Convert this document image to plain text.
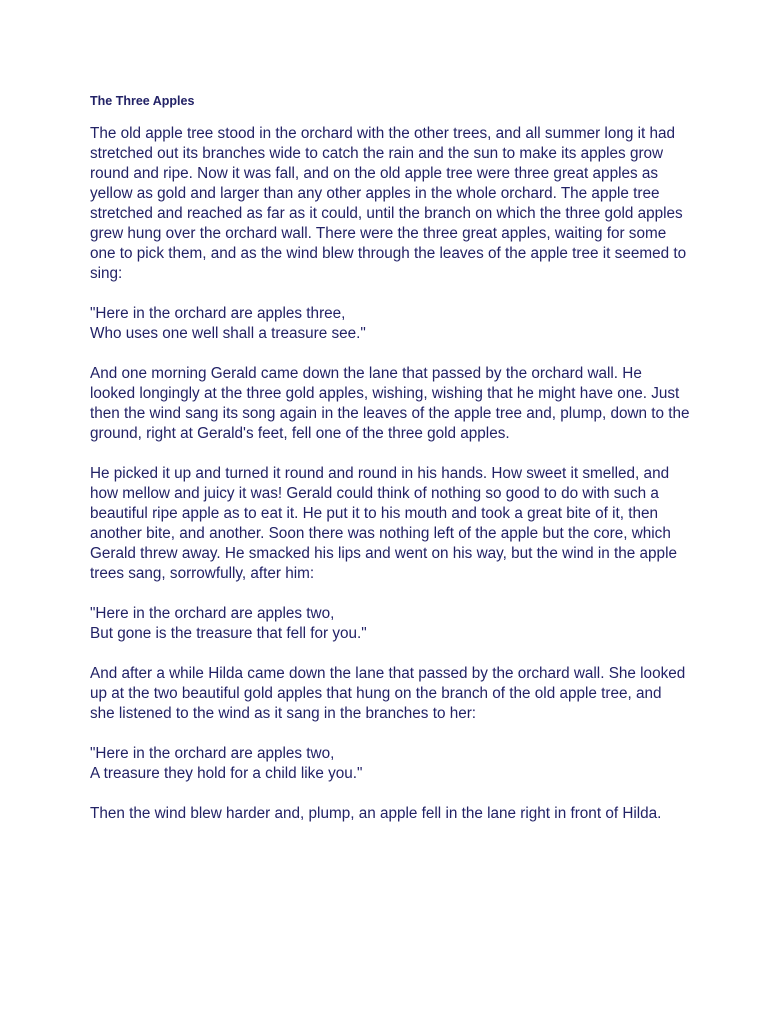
The Three Apples

The old apple tree stood in the orchard with the other trees, and all summer long it had stretched out its branches wide to catch the rain and the sun to make its apples grow round and ripe. Now it was fall, and on the old apple tree were three great apples as yellow as gold and larger than any other apples in the whole orchard. The apple tree stretched and reached as far as it could, until the branch on which the three gold apples grew hung over the orchard wall. There were the three great apples, waiting for some one to pick them, and as the wind blew through the leaves of the apple tree it seemed to sing:

"Here in the orchard are apples three,
Who uses one well shall a treasure see."

And one morning Gerald came down the lane that passed by the orchard wall. He looked longingly at the three gold apples, wishing, wishing that he might have one. Just then the wind sang its song again in the leaves of the apple tree and, plump, down to the ground, right at Gerald's feet, fell one of the three gold apples.

He picked it up and turned it round and round in his hands. How sweet it smelled, and how mellow and juicy it was! Gerald could think of nothing so good to do with such a beautiful ripe apple as to eat it. He put it to his mouth and took a great bite of it, then another bite, and another. Soon there was nothing left of the apple but the core, which Gerald threw away. He smacked his lips and went on his way, but the wind in the apple trees sang, sorrowfully, after him:

"Here in the orchard are apples two,
But gone is the treasure that fell for you."

And after a while Hilda came down the lane that passed by the orchard wall. She looked up at the two beautiful gold apples that hung on the branch of the old apple tree, and she listened to the wind as it sang in the branches to her:

"Here in the orchard are apples two,
A treasure they hold for a child like you."

Then the wind blew harder and, plump, an apple fell in the lane right in front of Hilda.
